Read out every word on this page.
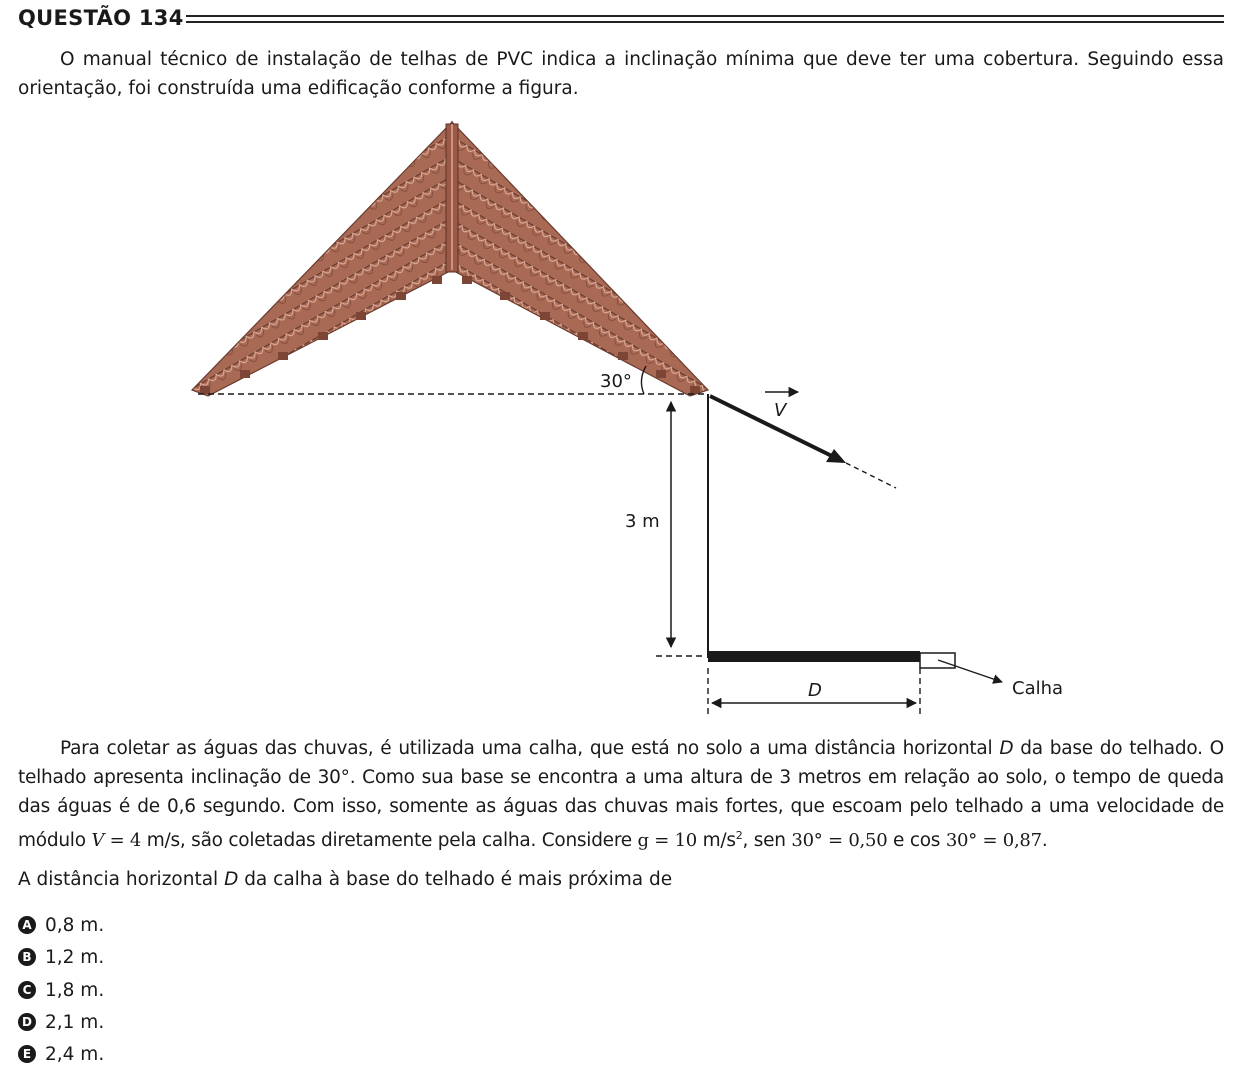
QUESTÃO 134

O manual técnico de instalação de telhas de PVC indica a inclinação mínima que deve ter uma cobertura. Seguindo essa orientação, foi construída uma edificação conforme a figura.

30°
V
3 m
Calha
D

Para coletar as águas das chuvas, é utilizada uma calha, que está no solo a uma distância horizontal D da base do telhado. O telhado apresenta inclinação de 30°. Como sua base se encontra a uma altura de 3 metros em relação ao solo, o tempo de queda das águas é de 0,6 segundo. Com isso, somente as águas das chuvas mais fortes, que escoam pelo telhado a uma velocidade de módulo V = 4 m/s, são coletadas diretamente pela calha. Considere g = 10 $m/s^2$, sen 30° = 0,50 e cos 30° = 0,87.

A distância horizontal D da calha à base do telhado é mais próxima de
A 0,8 m.
B 1,2 m.
C 1,8 m.
D 2,1 m.
E 2,4 m.
